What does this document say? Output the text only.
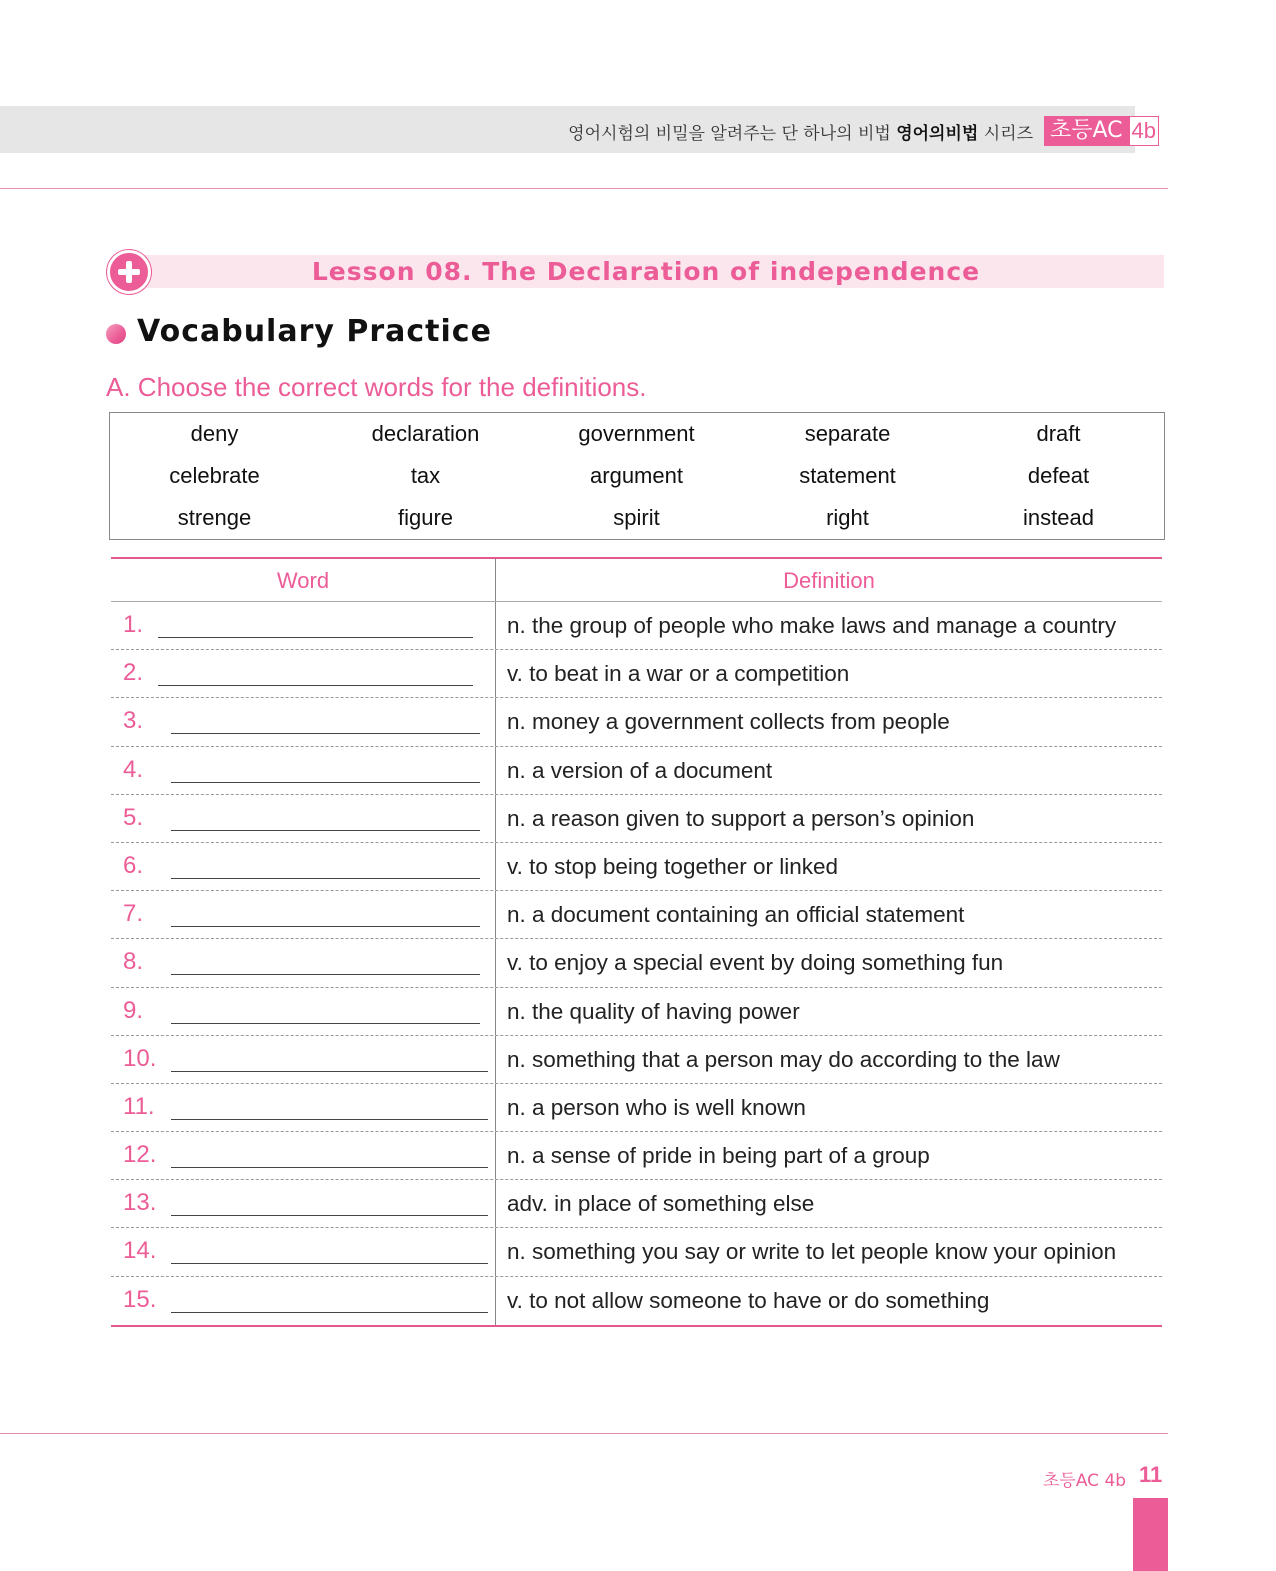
영어시험의 비밀을 알려주는 단 하나의 비법 영어의비법 시리즈 초등AC 4b
Lesson 08. The Declaration of independence
Vocabulary Practice
A. Choose the correct words for the definitions.
deny	declaration	government	separate	draft
celebrate	tax	argument	statement	defeat
strenge	figure	spirit	right	instead
Word	Definition
1.	n. the group of people who make laws and manage a country
2.	v. to beat in a war or a competition
3.	n. money a government collects from people
4.	n. a version of a document
5.	n. a reason given to support a person’s opinion
6.	v. to stop being together or linked
7.	n. a document containing an official statement
8.	v. to enjoy a special event by doing something fun
9.	n. the quality of having power
10.	n. something that a person may do according to the law
11.	n. a person who is well known
12.	n. a sense of pride in being part of a group
13.	adv. in place of something else
14.	n. something you say or write to let people know your opinion
15.	v. to not allow someone to have or do something
초등AC 4b 11
